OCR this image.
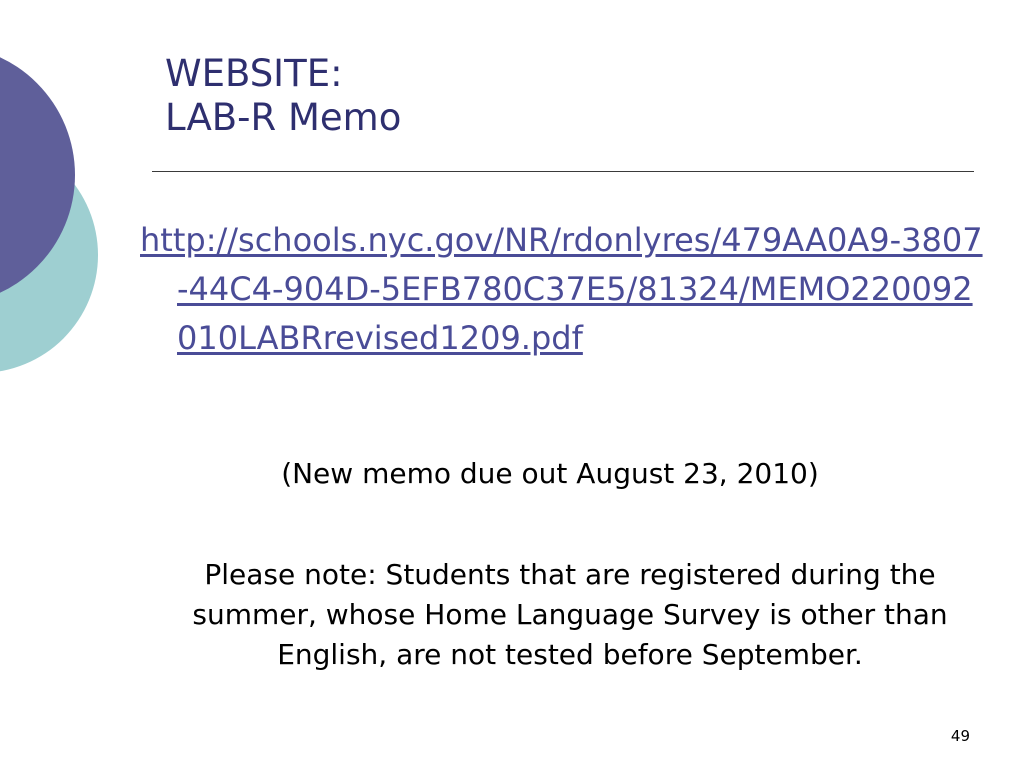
WEBSITE:
LAB-R Memo

http://schools.nyc.gov/NR/rdonlyres/479AA0A9-3807-44C4-904D-5EFB780C37E5/81324/MEMO220092010LABRrevised1209.pdf

(New memo due out August 23, 2010)

Please note: Students that are registered during the summer, whose Home Language Survey is other than English, are not tested before September.

49
